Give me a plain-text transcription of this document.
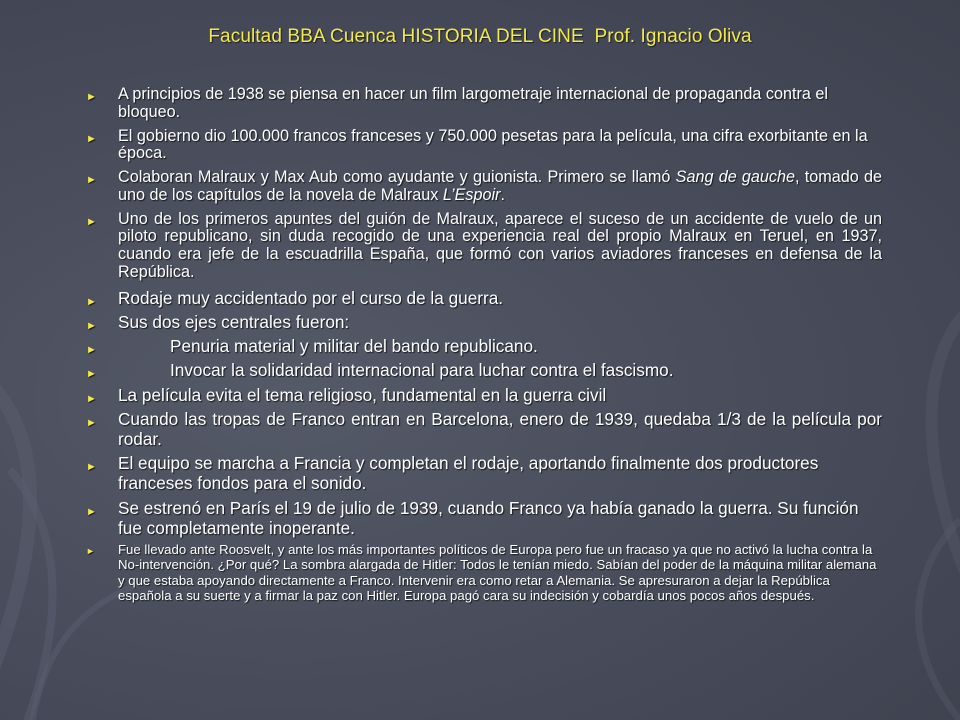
Facultad BBA Cuenca HISTORIA DEL CINE  Prof. Ignacio Oliva
► A principios de 1938 se piensa en hacer un film largometraje internacional de propaganda contra el bloqueo.
► El gobierno dio 100.000 francos franceses y 750.000 pesetas para la película, una cifra exorbitante en la época.
► Colaboran Malraux y Max Aub como ayudante y guionista. Primero se llamó Sang de gauche, tomado de uno de los capítulos de la novela de Malraux L’Espoir.
► Uno de los primeros apuntes del guión de Malraux, aparece el suceso de un accidente de vuelo de un piloto republicano, sin duda recogido de una experiencia real del propio Malraux en Teruel, en 1937, cuando era jefe de la escuadrilla España, que formó con varios aviadores franceses en defensa de la República.
► Rodaje muy accidentado por el curso de la guerra.
► Sus dos ejes centrales fueron:
►	Penuria material y militar del bando republicano.
►	Invocar la solidaridad internacional para luchar contra el fascismo.
► La película evita el tema religioso, fundamental en la guerra civil
► Cuando las tropas de Franco entran en Barcelona, enero de 1939, quedaba 1/3 de la película por rodar.
► El equipo se marcha a Francia y completan el rodaje, aportando finalmente dos productores franceses fondos para el sonido.
► Se estrenó en París el 19 de julio de 1939, cuando Franco ya había ganado la guerra. Su función fue completamente inoperante.
► Fue llevado ante Roosvelt, y ante los más importantes políticos de Europa pero fue un fracaso ya que no activó la lucha contra la No-intervención. ¿Por qué? La sombra alargada de Hitler: Todos le tenían miedo. Sabían del poder de la máquina militar alemana y que estaba apoyando directamente a Franco. Intervenir era como retar a Alemania. Se apresuraron a dejar la República española a su suerte y a firmar la paz con Hitler. Europa pagó cara su indecisión y cobardía unos pocos años después.
